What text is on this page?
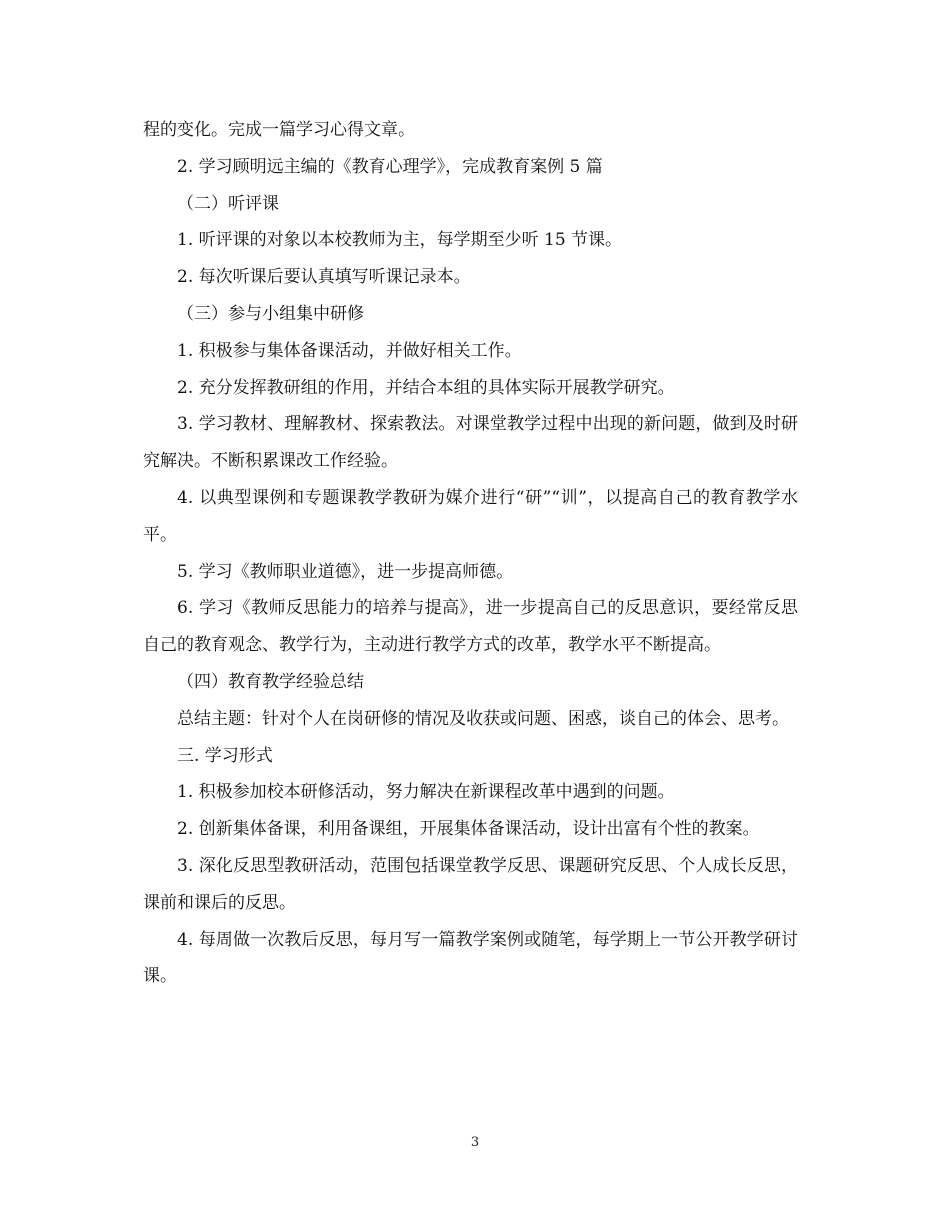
程的变化。完成一篇学习心得文章。

2. 学习顾明远主编的《教育心理学》，完成教育案例 5 篇

（二）听评课

1. 听评课的对象以本校教师为主，每学期至少听 15 节课。

2. 每次听课后要认真填写听课记录本。

（三）参与小组集中研修

1. 积极参与集体备课活动，并做好相关工作。

2. 充分发挥教研组的作用，并结合本组的具体实际开展教学研究。

3. 学习教材、理解教材、探索教法。对课堂教学过程中出现的新问题，做到及时研究解决。不断积累课改工作经验。

4. 以典型课例和专题课教学教研为媒介进行“研”“训”，以提高自己的教育教学水平。

5. 学习《教师职业道德》，进一步提高师德。

6. 学习《教师反思能力的培养与提高》，进一步提高自己的反思意识，要经常反思自己的教育观念、教学行为，主动进行教学方式的改革，教学水平不断提高。

（四）教育教学经验总结

总结主题：针对个人在岗研修的情况及收获或问题、困惑，谈自己的体会、思考。

三. 学习形式

1. 积极参加校本研修活动，努力解决在新课程改革中遇到的问题。

2. 创新集体备课，利用备课组，开展集体备课活动，设计出富有个性的教案。

3. 深化反思型教研活动，范围包括课堂教学反思、课题研究反思、个人成长反思，课前和课后的反思。

4. 每周做一次教后反思，每月写一篇教学案例或随笔，每学期上一节公开教学研讨课。

3
